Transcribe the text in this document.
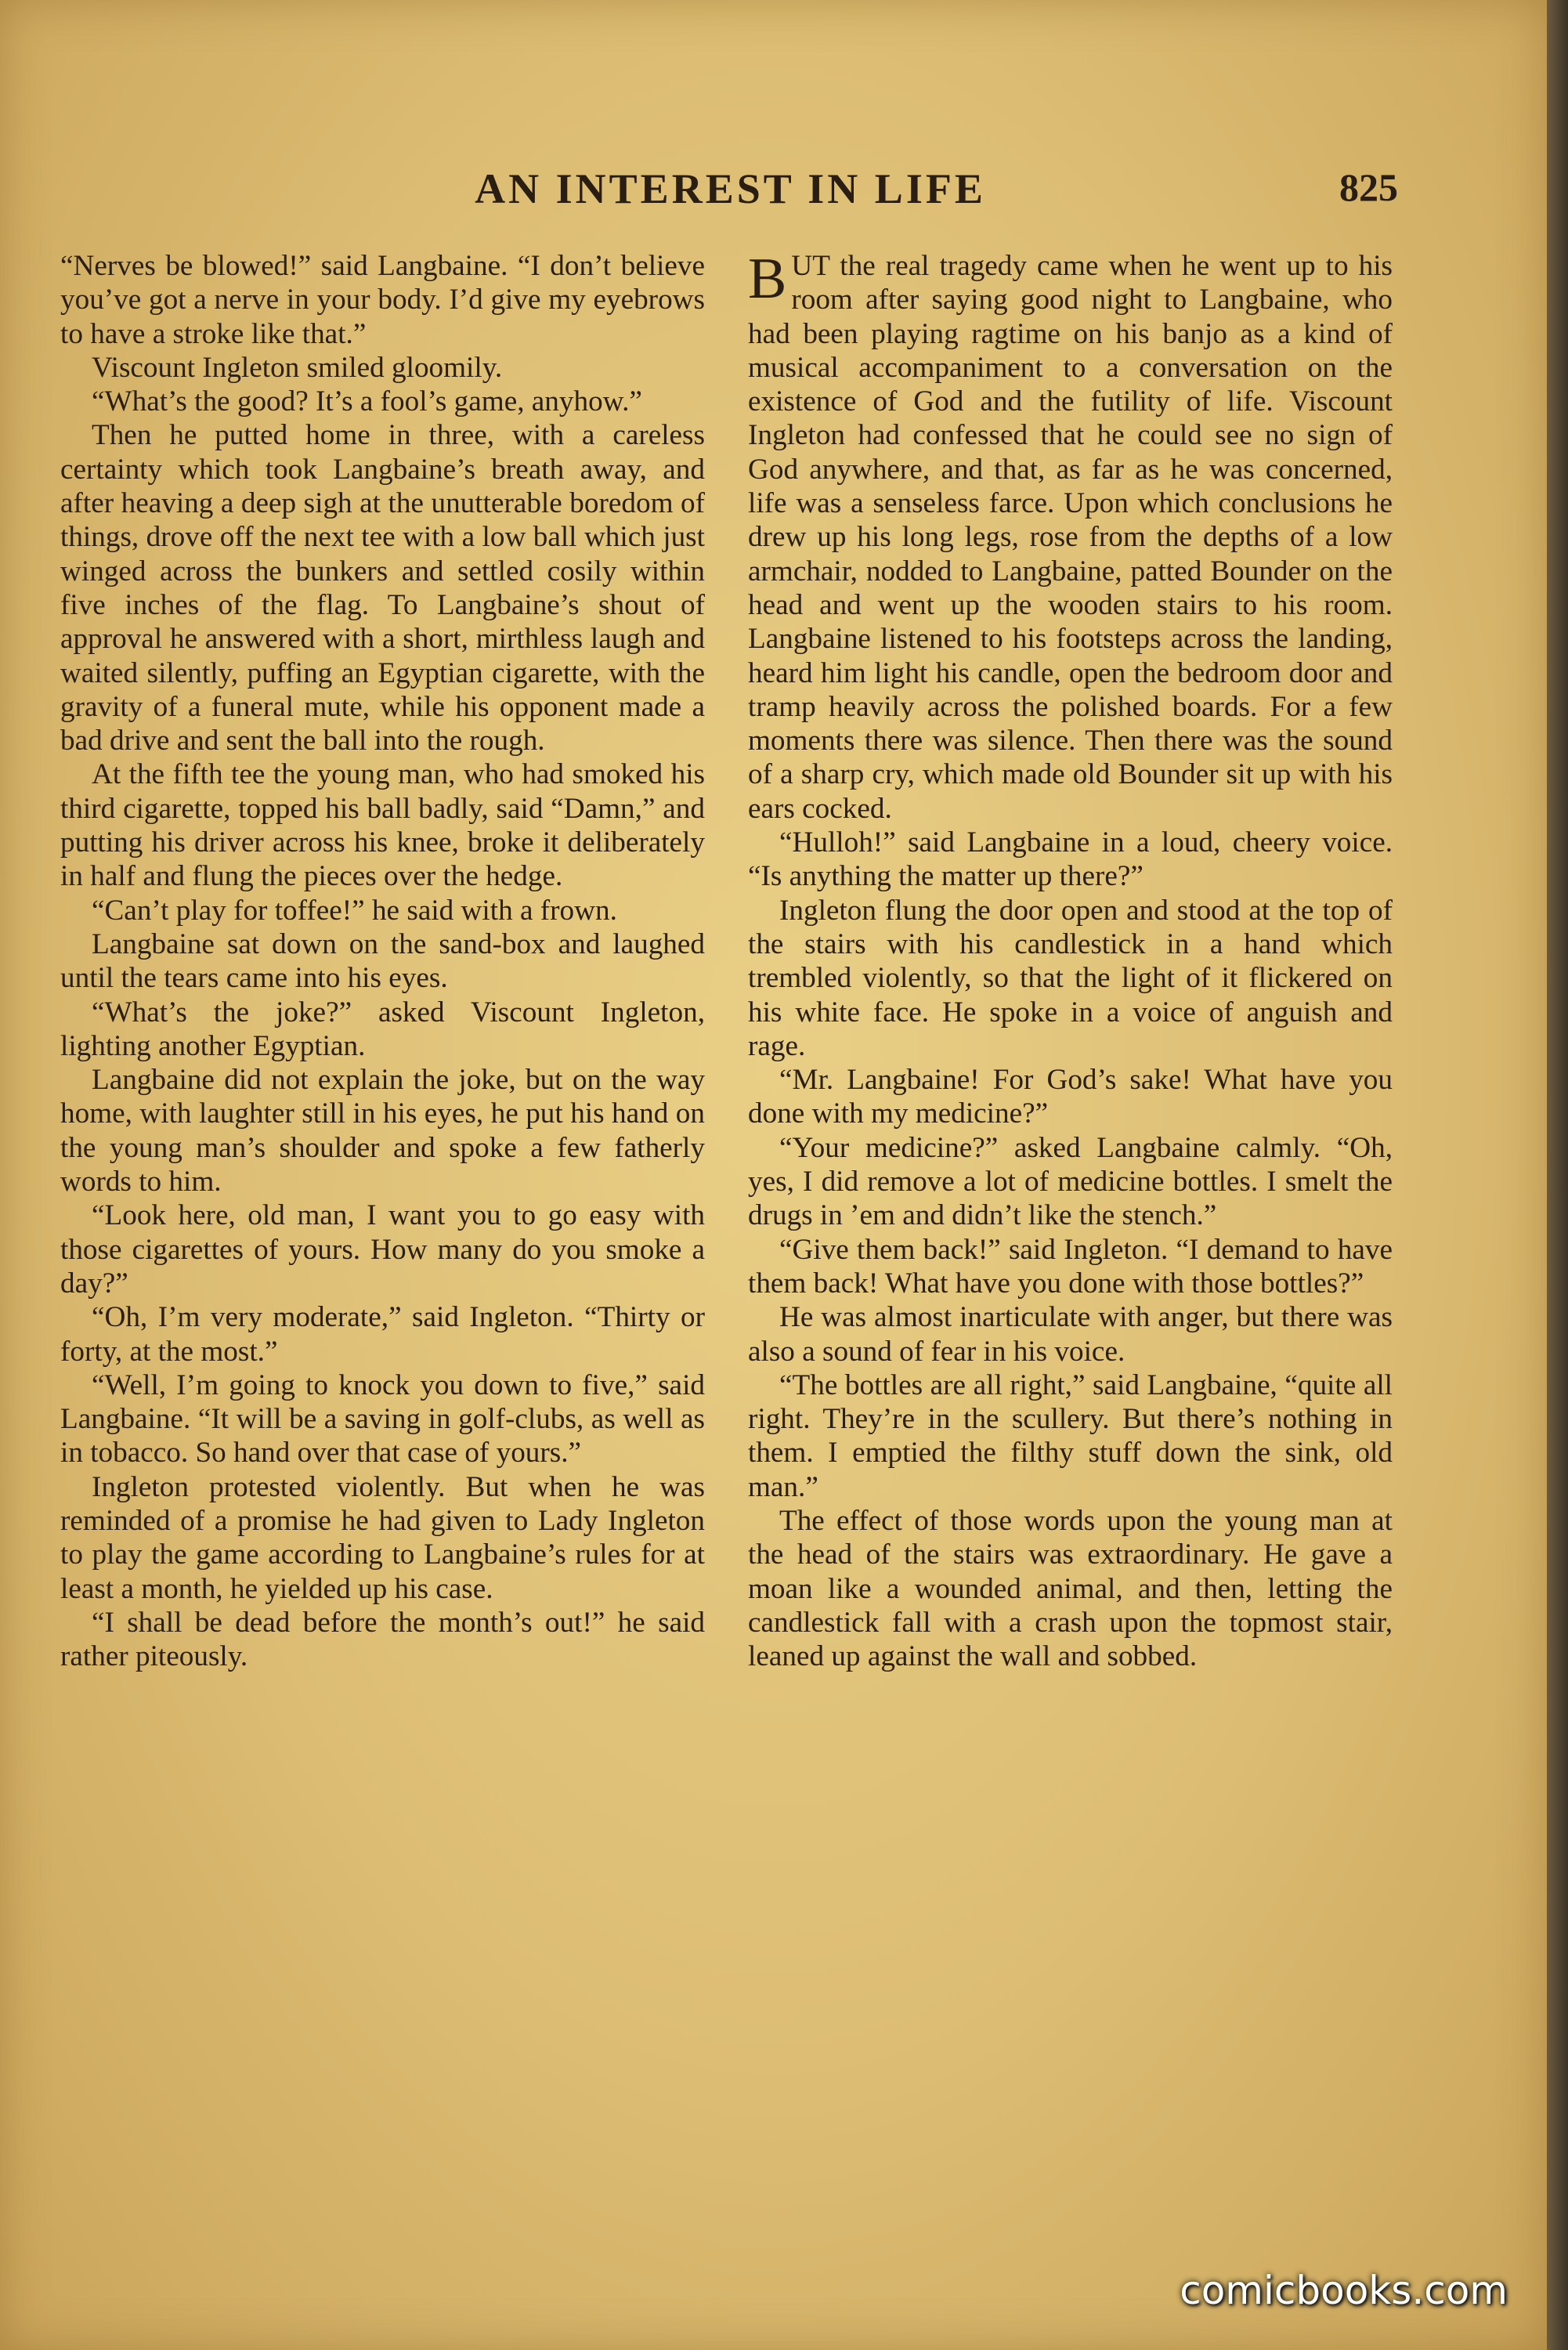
AN INTEREST IN LIFE	825

“Nerves be blowed!” said Langbaine. “I don’t believe you’ve got a nerve in your body. I’d give my eyebrows to have a stroke like that.”

Viscount Ingleton smiled gloomily.

“What’s the good? It’s a fool’s game, anyhow.”

Then he putted home in three, with a careless certainty which took Langbaine’s breath away, and after heaving a deep sigh at the unutterable boredom of things, drove off the next tee with a low ball which just winged across the bunkers and settled cosily within five inches of the flag. To Langbaine’s shout of approval he answered with a short, mirthless laugh and waited silently, puffing an Egyptian cigarette, with the gravity of a funeral mute, while his opponent made a bad drive and sent the ball into the rough.

At the fifth tee the young man, who had smoked his third cigarette, topped his ball badly, said “Damn,” and putting his driver across his knee, broke it deliberately in half and flung the pieces over the hedge.

“Can’t play for toffee!” he said with a frown.

Langbaine sat down on the sand-box and laughed until the tears came into his eyes.

“What’s the joke?” asked Viscount Ingleton, lighting another Egyptian.

Langbaine did not explain the joke, but on the way home, with laughter still in his eyes, he put his hand on the young man’s shoulder and spoke a few fatherly words to him.

“Look here, old man, I want you to go easy with those cigarettes of yours. How many do you smoke a day?”

“Oh, I’m very moderate,” said Ingleton. “Thirty or forty, at the most.”

“Well, I’m going to knock you down to five,” said Langbaine. “It will be a saving in golf-clubs, as well as in tobacco. So hand over that case of yours.”

Ingleton protested violently. But when he was reminded of a promise he had given to Lady Ingleton to play the game according to Langbaine’s rules for at least a month, he yielded up his case.

“I shall be dead before the month’s out!” he said rather piteously.

BUT the real tragedy came when he went up to his room after saying good night to Langbaine, who had been playing ragtime on his banjo as a kind of musical accompaniment to a conversation on the existence of God and the futility of life. Viscount Ingleton had confessed that he could see no sign of God anywhere, and that, as far as he was concerned, life was a senseless farce. Upon which conclusions he drew up his long legs, rose from the depths of a low armchair, nodded to Langbaine, patted Bounder on the head and went up the wooden stairs to his room. Langbaine listened to his footsteps across the landing, heard him light his candle, open the bedroom door and tramp heavily across the polished boards. For a few moments there was silence. Then there was the sound of a sharp cry, which made old Bounder sit up with his ears cocked.

“Hulloh!” said Langbaine in a loud, cheery voice. “Is anything the matter up there?”

Ingleton flung the door open and stood at the top of the stairs with his candlestick in a hand which trembled violently, so that the light of it flickered on his white face. He spoke in a voice of anguish and rage.

“Mr. Langbaine! For God’s sake! What have you done with my medicine?”

“Your medicine?” asked Langbaine calmly. “Oh, yes, I did remove a lot of medicine bottles. I smelt the drugs in ’em and didn’t like the stench.”

“Give them back!” said Ingleton. “I demand to have them back! What have you done with those bottles?”

He was almost inarticulate with anger, but there was also a sound of fear in his voice.

“The bottles are all right,” said Langbaine, “quite all right. They’re in the scullery. But there’s nothing in them. I emptied the filthy stuff down the sink, old man.”

The effect of those words upon the young man at the head of the stairs was extraordinary. He gave a moan like a wounded animal, and then, letting the candlestick fall with a crash upon the topmost stair, leaned up against the wall and sobbed.

comicbooks.com
